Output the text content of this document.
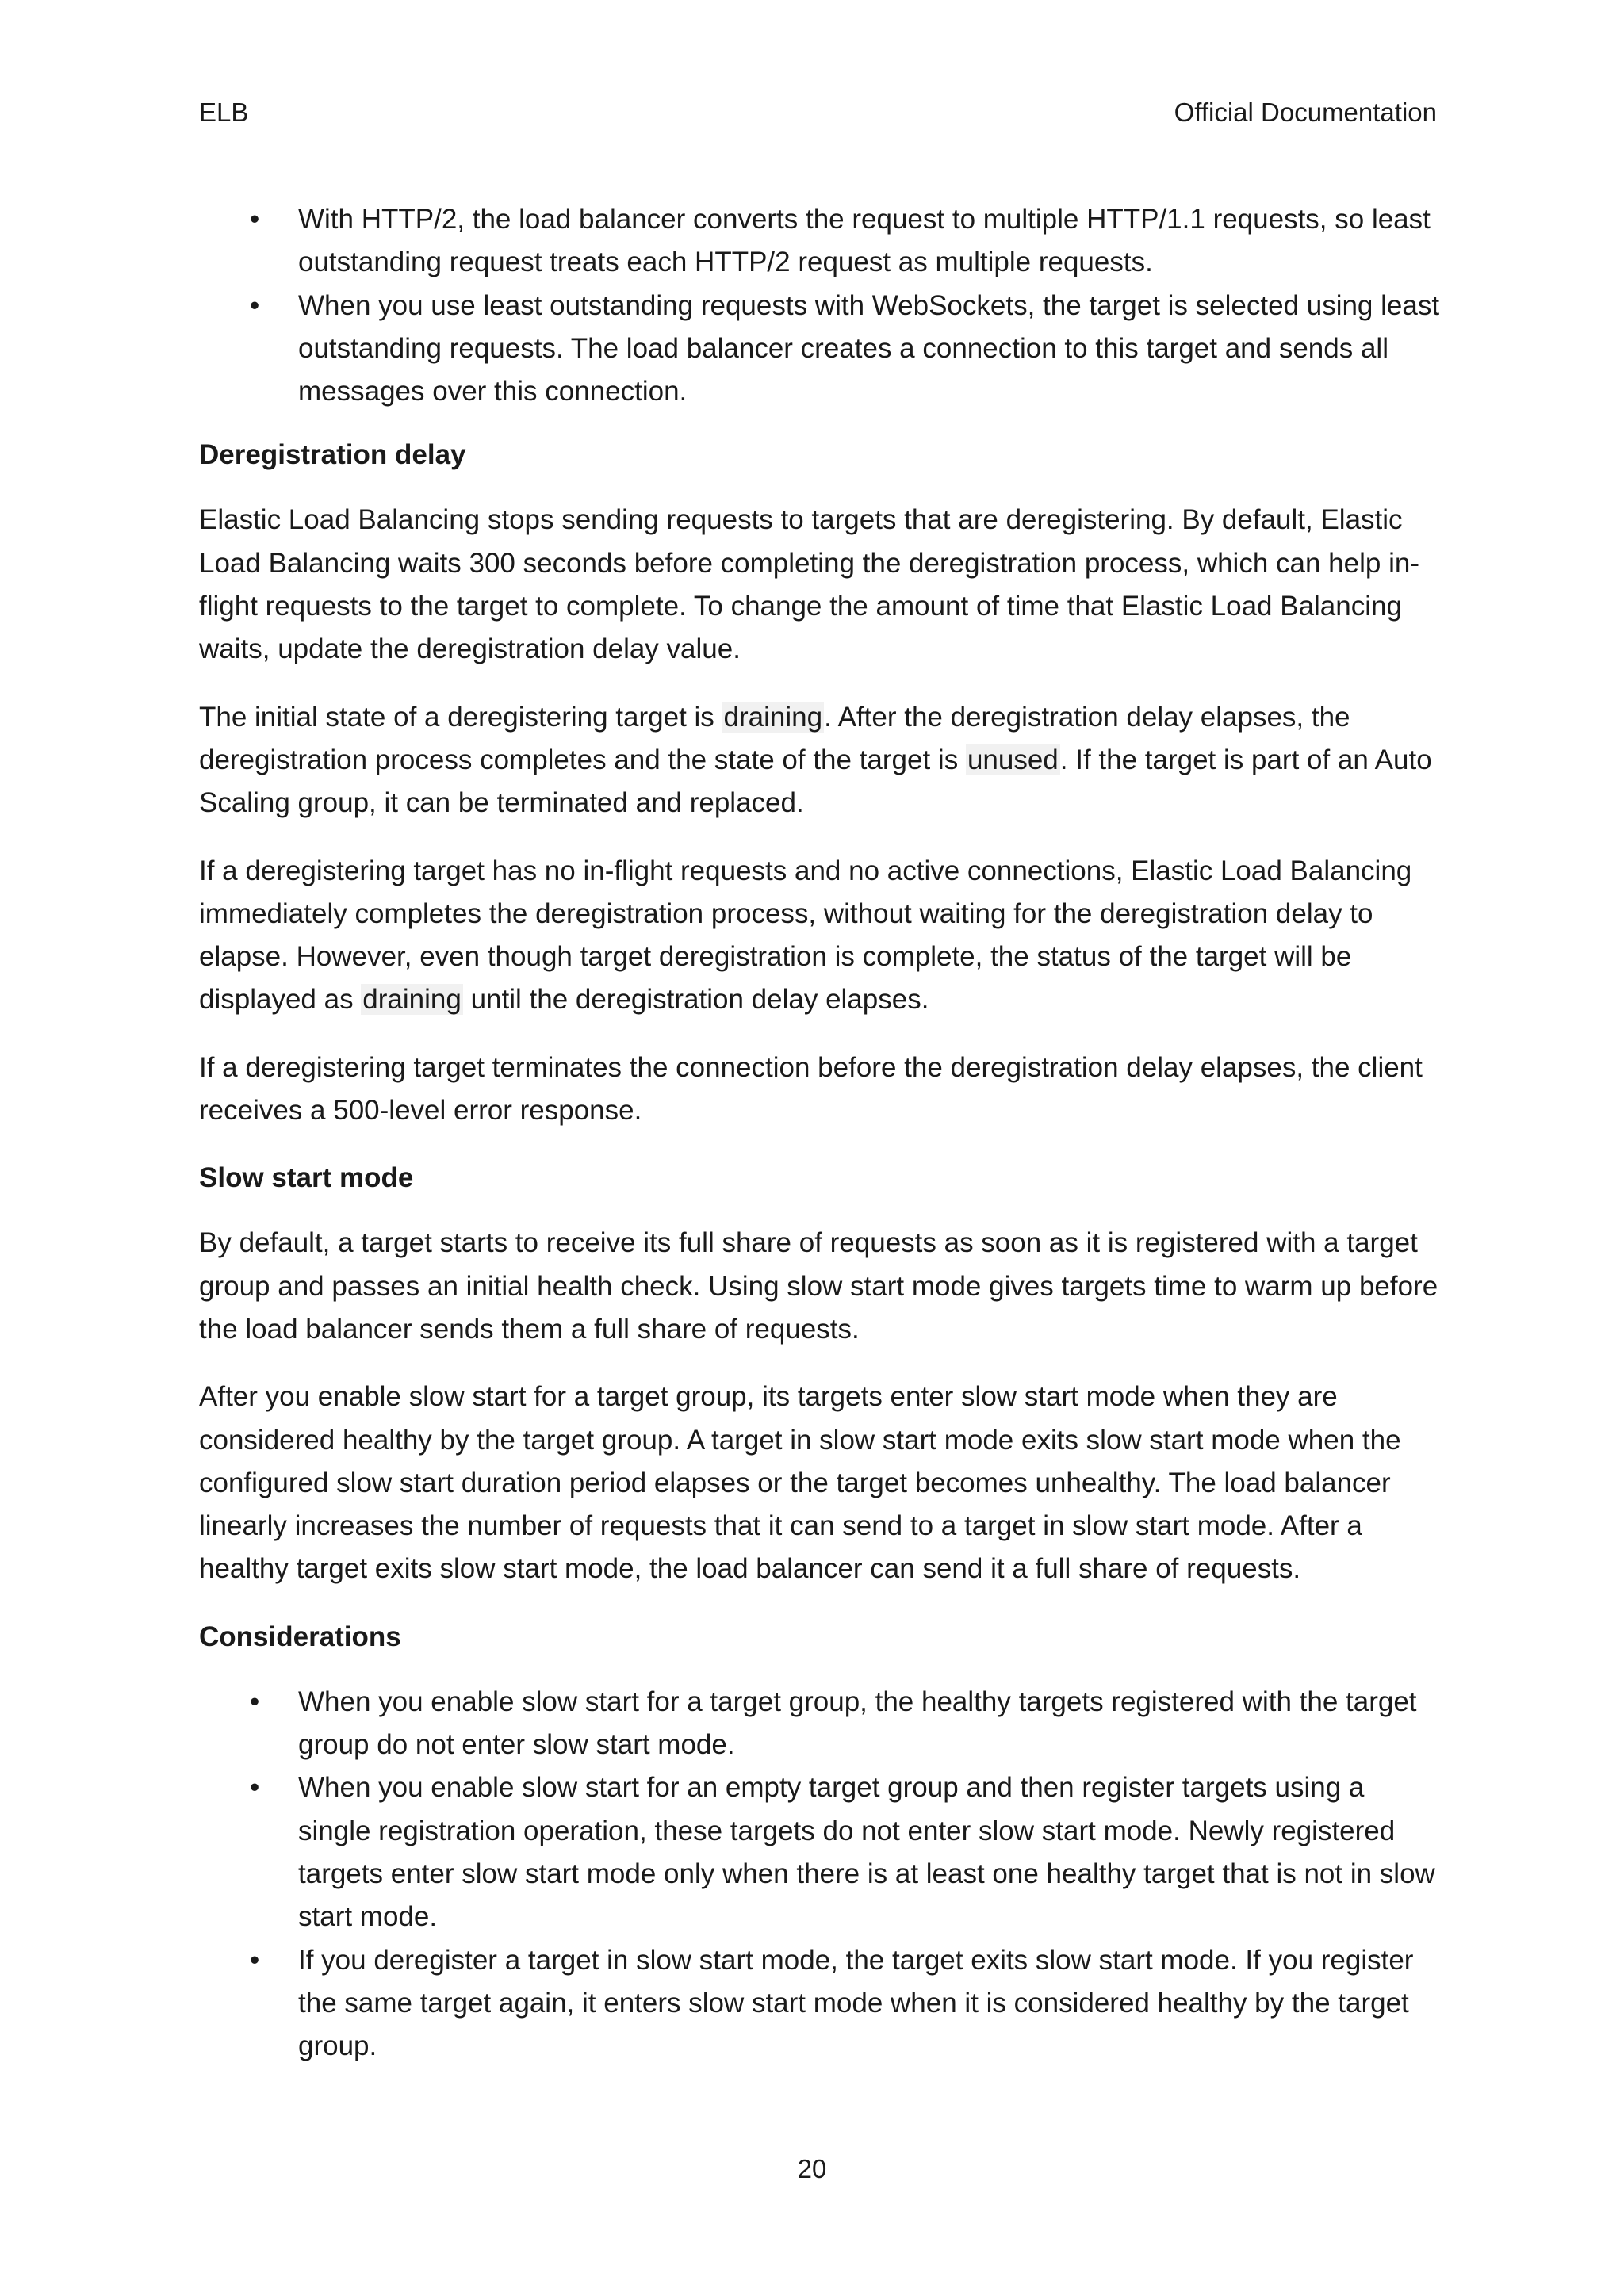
ELB	Official Documentation
• With HTTP/2, the load balancer converts the request to multiple HTTP/1.1 requests, so least outstanding request treats each HTTP/2 request as multiple requests.
• When you use least outstanding requests with WebSockets, the target is selected using least outstanding requests. The load balancer creates a connection to this target and sends all messages over this connection.
Deregistration delay

Elastic Load Balancing stops sending requests to targets that are deregistering. By default, Elastic Load Balancing waits 300 seconds before completing the deregistration process, which can help in-flight requests to the target to complete. To change the amount of time that Elastic Load Balancing waits, update the deregistration delay value.

The initial state of a deregistering target is draining. After the deregistration delay elapses, the deregistration process completes and the state of the target is unused. If the target is part of an Auto Scaling group, it can be terminated and replaced.

If a deregistering target has no in-flight requests and no active connections, Elastic Load Balancing immediately completes the deregistration process, without waiting for the deregistration delay to elapse. However, even though target deregistration is complete, the status of the target will be displayed as draining until the deregistration delay elapses.

If a deregistering target terminates the connection before the deregistration delay elapses, the client receives a 500-level error response.

Slow start mode

By default, a target starts to receive its full share of requests as soon as it is registered with a target group and passes an initial health check. Using slow start mode gives targets time to warm up before the load balancer sends them a full share of requests.

After you enable slow start for a target group, its targets enter slow start mode when they are considered healthy by the target group. A target in slow start mode exits slow start mode when the configured slow start duration period elapses or the target becomes unhealthy. The load balancer linearly increases the number of requests that it can send to a target in slow start mode. After a healthy target exits slow start mode, the load balancer can send it a full share of requests.

Considerations
• When you enable slow start for a target group, the healthy targets registered with the target group do not enter slow start mode.
• When you enable slow start for an empty target group and then register targets using a single registration operation, these targets do not enter slow start mode. Newly registered targets enter slow start mode only when there is at least one healthy target that is not in slow start mode.
• If you deregister a target in slow start mode, the target exits slow start mode. If you register the same target again, it enters slow start mode when it is considered healthy by the target group.
20
